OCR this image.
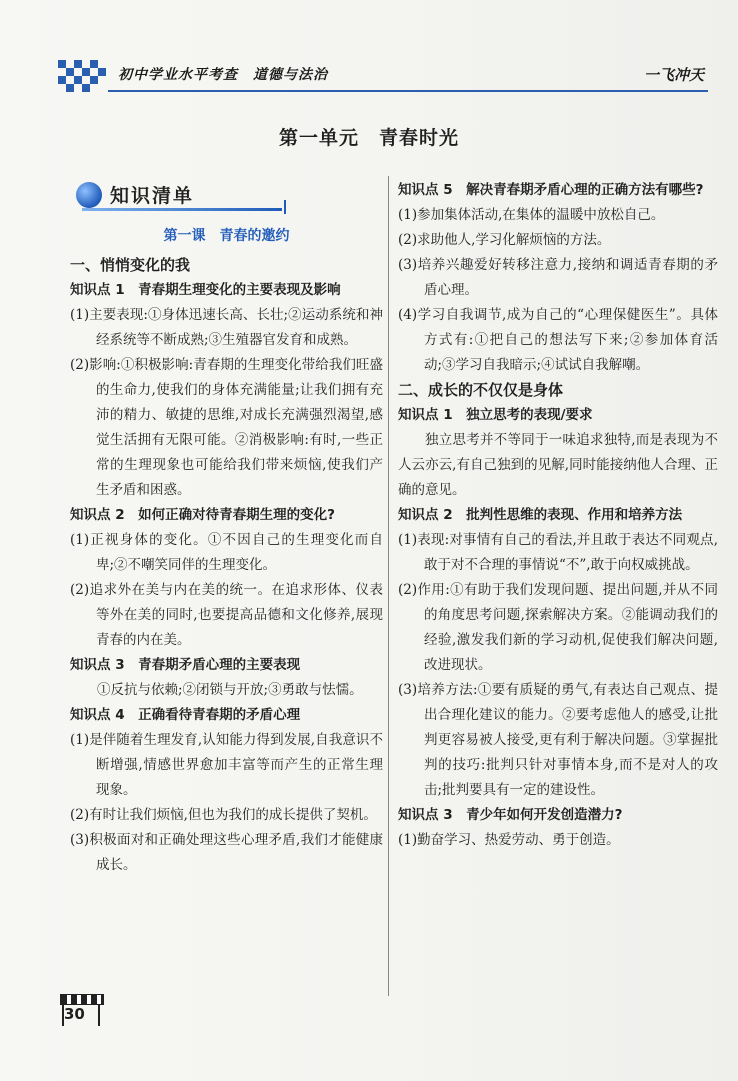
初中学业水平考查　道德与法治	一飞冲天
第一单元　青春时光
知识清单

第一课　青春的邀约

一、悄悄变化的我

知识点 1　青春期生理变化的主要表现及影响

(1)主要表现:①身体迅速长高、长壮;②运动系统和神经系统等不断成熟;③生殖器官发育和成熟。

(2)影响:①积极影响:青春期的生理变化带给我们旺盛的生命力,使我们的身体充满能量;让我们拥有充沛的精力、敏捷的思维,对成长充满强烈渴望,感觉生活拥有无限可能。②消极影响:有时,一些正常的生理现象也可能给我们带来烦恼,使我们产生矛盾和困惑。

知识点 2　如何正确对待青春期生理的变化?

(1)正视身体的变化。①不因自己的生理变化而自卑;②不嘲笑同伴的生理变化。

(2)追求外在美与内在美的统一。在追求形体、仪表等外在美的同时,也要提高品德和文化修养,展现青春的内在美。

知识点 3　青春期矛盾心理的主要表现

①反抗与依赖;②闭锁与开放;③勇敢与怯懦。

知识点 4　正确看待青春期的矛盾心理

(1)是伴随着生理发育,认知能力得到发展,自我意识不断增强,情感世界愈加丰富等而产生的正常生理现象。

(2)有时让我们烦恼,但也为我们的成长提供了契机。

(3)积极面对和正确处理这些心理矛盾,我们才能健康成长。

知识点 5　解决青春期矛盾心理的正确方法有哪些?

(1)参加集体活动,在集体的温暖中放松自己。

(2)求助他人,学习化解烦恼的方法。

(3)培养兴趣爱好转移注意力,接纳和调适青春期的矛盾心理。

(4)学习自我调节,成为自己的“心理保健医生”。具体方式有:①把自己的想法写下来;②参加体育活动;③学习自我暗示;④试试自我解嘲。

二、成长的不仅仅是身体

知识点 1　独立思考的表现/要求

独立思考并不等同于一味追求独特,而是表现为不人云亦云,有自己独到的见解,同时能接纳他人合理、正确的意见。

知识点 2　批判性思维的表现、作用和培养方法

(1)表现:对事情有自己的看法,并且敢于表达不同观点,敢于对不合理的事情说“不”,敢于向权威挑战。

(2)作用:①有助于我们发现问题、提出问题,并从不同的角度思考问题,探索解决方案。②能调动我们的经验,激发我们新的学习动机,促使我们解决问题,改进现状。

(3)培养方法:①要有质疑的勇气,有表达自己观点、提出合理化建议的能力。②要考虑他人的感受,让批判更容易被人接受,更有利于解决问题。③掌握批判的技巧:批判只针对事情本身,而不是对人的攻击;批判要具有一定的建设性。

知识点 3　青少年如何开发创造潜力?

(1)勤奋学习、热爱劳动、勇于创造。

30
